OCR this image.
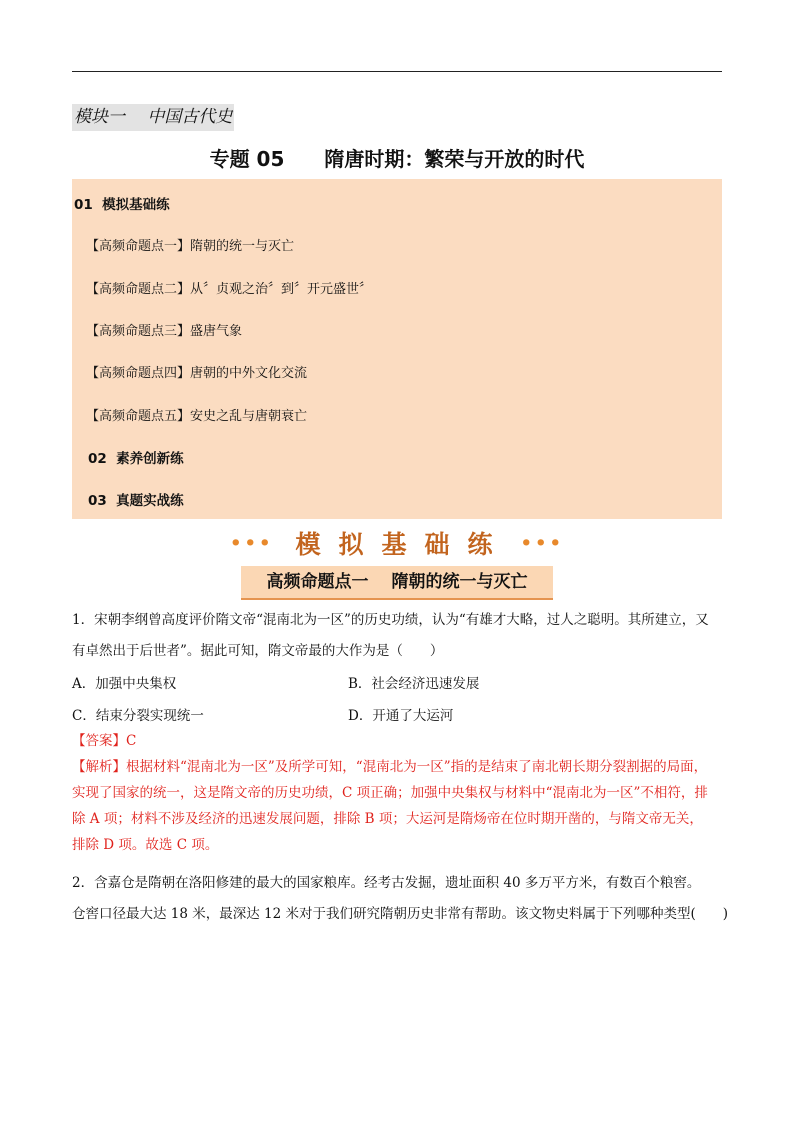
模块一　 中国古代史
专题 05　　隋唐时期：繁荣与开放的时代
01  模拟基础练
【高频命题点一】隋朝的统一与灭亡
【高频命题点二】从〞贞观之治〞到〞开元盛世〞
【高频命题点三】盛唐气象
【高频命题点四】唐朝的中外文化交流
【高频命题点五】安史之乱与唐朝衰亡
02  素养创新练
03  真题实战练
••• 模拟基础练 •••
高频命题点一　 隋朝的统一与灭亡
1．宋朝李纲曾高度评价隋文帝“混南北为一区”的历史功绩，认为“有雄才大略，过人之聪明。其所建立，又
有卓然出于后世者”。据此可知，隋文帝最的大作为是（　　）
A．加强中央集权	B．社会经济迅速发展
C．结束分裂实现统一	D．开通了大运河
【答案】C
【解析】根据材料“混南北为一区”及所学可知，“混南北为一区”指的是结束了南北朝长期分裂割据的局面，
实现了国家的统一，这是隋文帝的历史功绩，C 项正确；加强中央集权与材料中“混南北为一区”不相符，排
除 A 项；材料不涉及经济的迅速发展问题，排除 B 项；大运河是隋炀帝在位时期开凿的，与隋文帝无关，
排除 D 项。故选 C 项。
2．含嘉仓是隋朝在洛阳修建的最大的国家粮库。经考古发掘，遗址面积 40 多万平方米，有数百个粮窖。
仓窖口径最大达 18 米，最深达 12 米对于我们研究隋朝历史非常有帮助。该文物史料属于下列哪种类型(　　)
